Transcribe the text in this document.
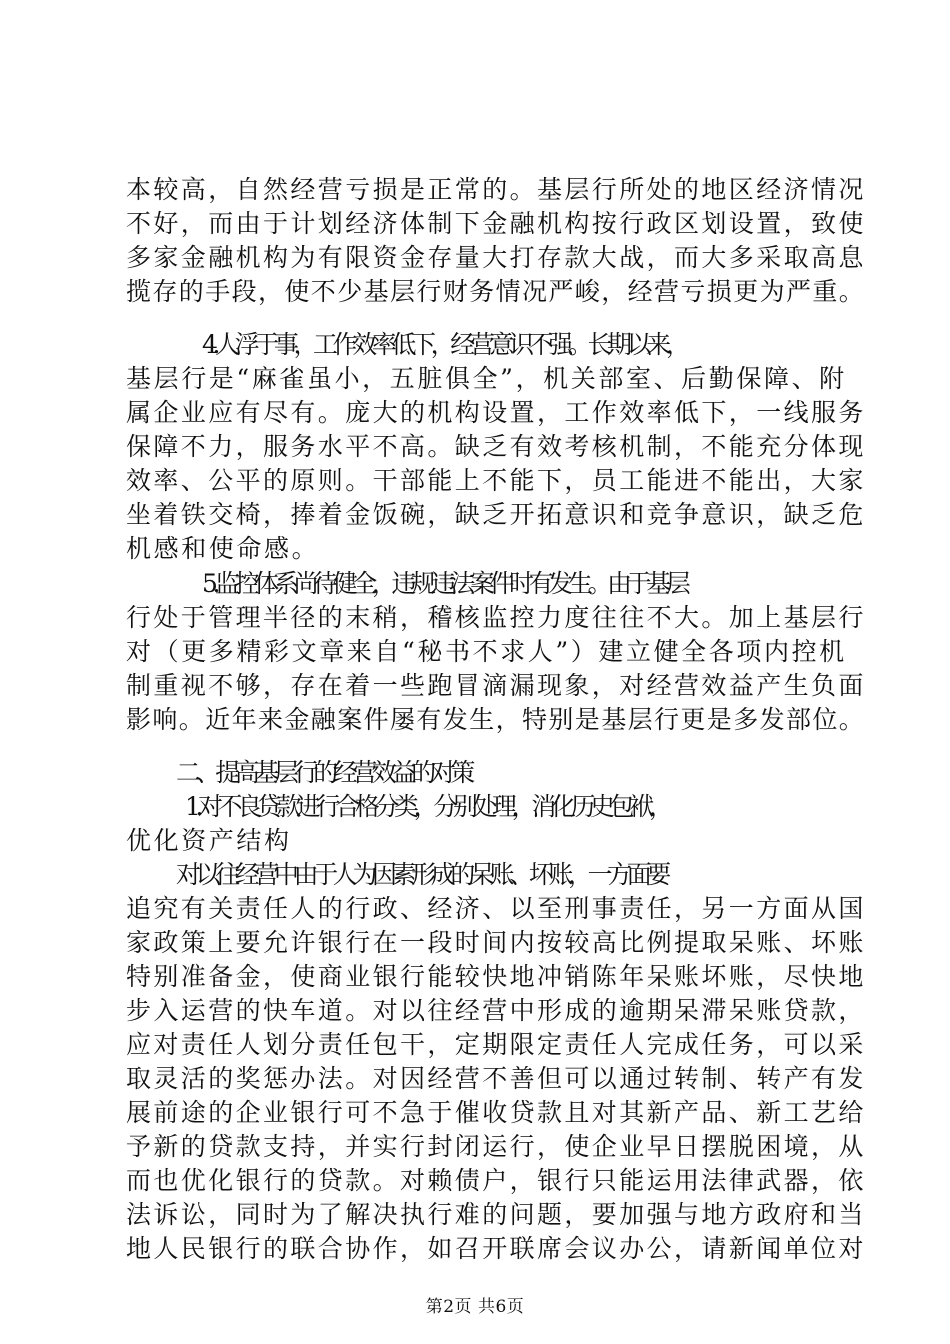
本较高，自然经营亏损是正常的。基层行所处的地区经济情况
不好，而由于计划经济体制下金融机构按行政区划设置，致使
多家金融机构为有限资金存量大打存款大战，而大多采取高息
揽存的手段，使不少基层行财务情况严峻，经营亏损更为严重。
4.人浮于事，工作效率低下，经营意识不强。长期以来，
基层行是“麻雀虽小，五脏俱全”，机关部室、后勤保障、附
属企业应有尽有。庞大的机构设置，工作效率低下，一线服务
保障不力，服务水平不高。缺乏有效考核机制，不能充分体现
效率、公平的原则。干部能上不能下，员工能进不能出，大家
坐着铁交椅，捧着金饭碗，缺乏开拓意识和竞争意识，缺乏危
机感和使命感。
5.监控体系尚待健全，违规违法案件时有发生。由于基层
行处于管理半径的末稍，稽核监控力度往往不大。加上基层行
对（更多精彩文章来自“秘书不求人”）建立健全各项内控机
制重视不够，存在着一些跑冒滴漏现象，对经营效益产生负面
影响。近年来金融案件屡有发生，特别是基层行更是多发部位。
二、提高基层行的经营效益的对策
1.对不良贷款进行合格分类，分别处理，消化历史包袱，
优化资产结构
对以往经营中由于人为因素形成的呆账、坏账，一方面要
追究有关责任人的行政、经济、以至刑事责任，另一方面从国
家政策上要允许银行在一段时间内按较高比例提取呆账、坏账
特别准备金，使商业银行能较快地冲销陈年呆账坏账，尽快地
步入运营的快车道。对以往经营中形成的逾期呆滞呆账贷款，
应对责任人划分责任包干，定期限定责任人完成任务，可以采
取灵活的奖惩办法。对因经营不善但可以通过转制、转产有发
展前途的企业银行可不急于催收贷款且对其新产品、新工艺给
予新的贷款支持，并实行封闭运行，使企业早日摆脱困境，从
而也优化银行的贷款。对赖债户，银行只能运用法律武器，依
法诉讼，同时为了解决执行难的问题，要加强与地方政府和当
地人民银行的联合协作，如召开联席会议办公，请新闻单位对
第2页 共6页
